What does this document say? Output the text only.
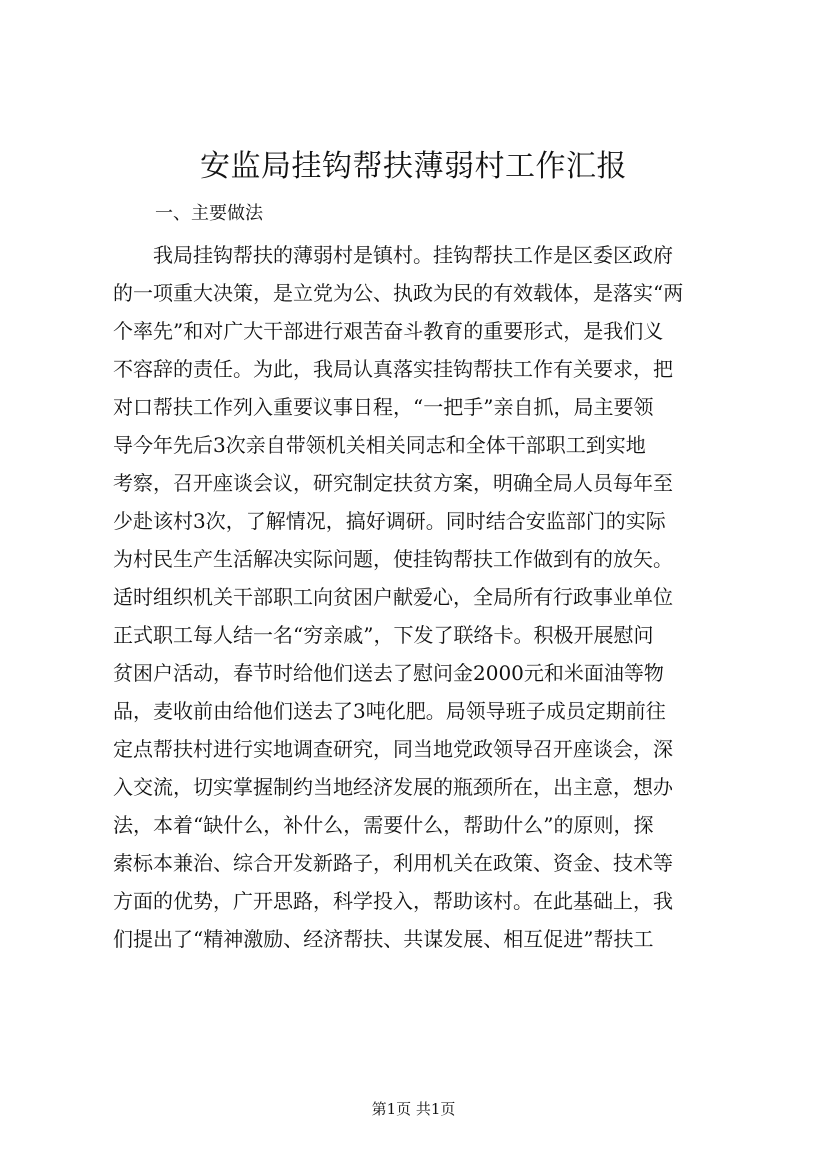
安监局挂钩帮扶薄弱村工作汇报

一、主要做法

　　我局挂钩帮扶的薄弱村是镇村。挂钩帮扶工作是区委区政府
的一项重大决策，是立党为公、执政为民的有效载体，是落实“两
个率先”和对广大干部进行艰苦奋斗教育的重要形式，是我们义
不容辞的责任。为此，我局认真落实挂钩帮扶工作有关要求，把
对口帮扶工作列入重要议事日程，“一把手”亲自抓，局主要领
导今年先后3次亲自带领机关相关同志和全体干部职工到实地
考察，召开座谈会议，研究制定扶贫方案，明确全局人员每年至
少赴该村3次，了解情况，搞好调研。同时结合安监部门的实际
为村民生产生活解决实际问题，使挂钩帮扶工作做到有的放矢。
适时组织机关干部职工向贫困户献爱心，全局所有行政事业单位
正式职工每人结一名“穷亲戚”，下发了联络卡。积极开展慰问
贫困户活动，春节时给他们送去了慰问金2000元和米面油等物
品，麦收前由给他们送去了3吨化肥。局领导班子成员定期前往
定点帮扶村进行实地调查研究，同当地党政领导召开座谈会，深
入交流，切实掌握制约当地经济发展的瓶颈所在，出主意，想办
法，本着“缺什么，补什么，需要什么，帮助什么”的原则，探
索标本兼治、综合开发新路子，利用机关在政策、资金、技术等
方面的优势，广开思路，科学投入，帮助该村。在此基础上，我
们提出了“精神激励、经济帮扶、共谋发展、相互促进”帮扶工
第1页 共1页
